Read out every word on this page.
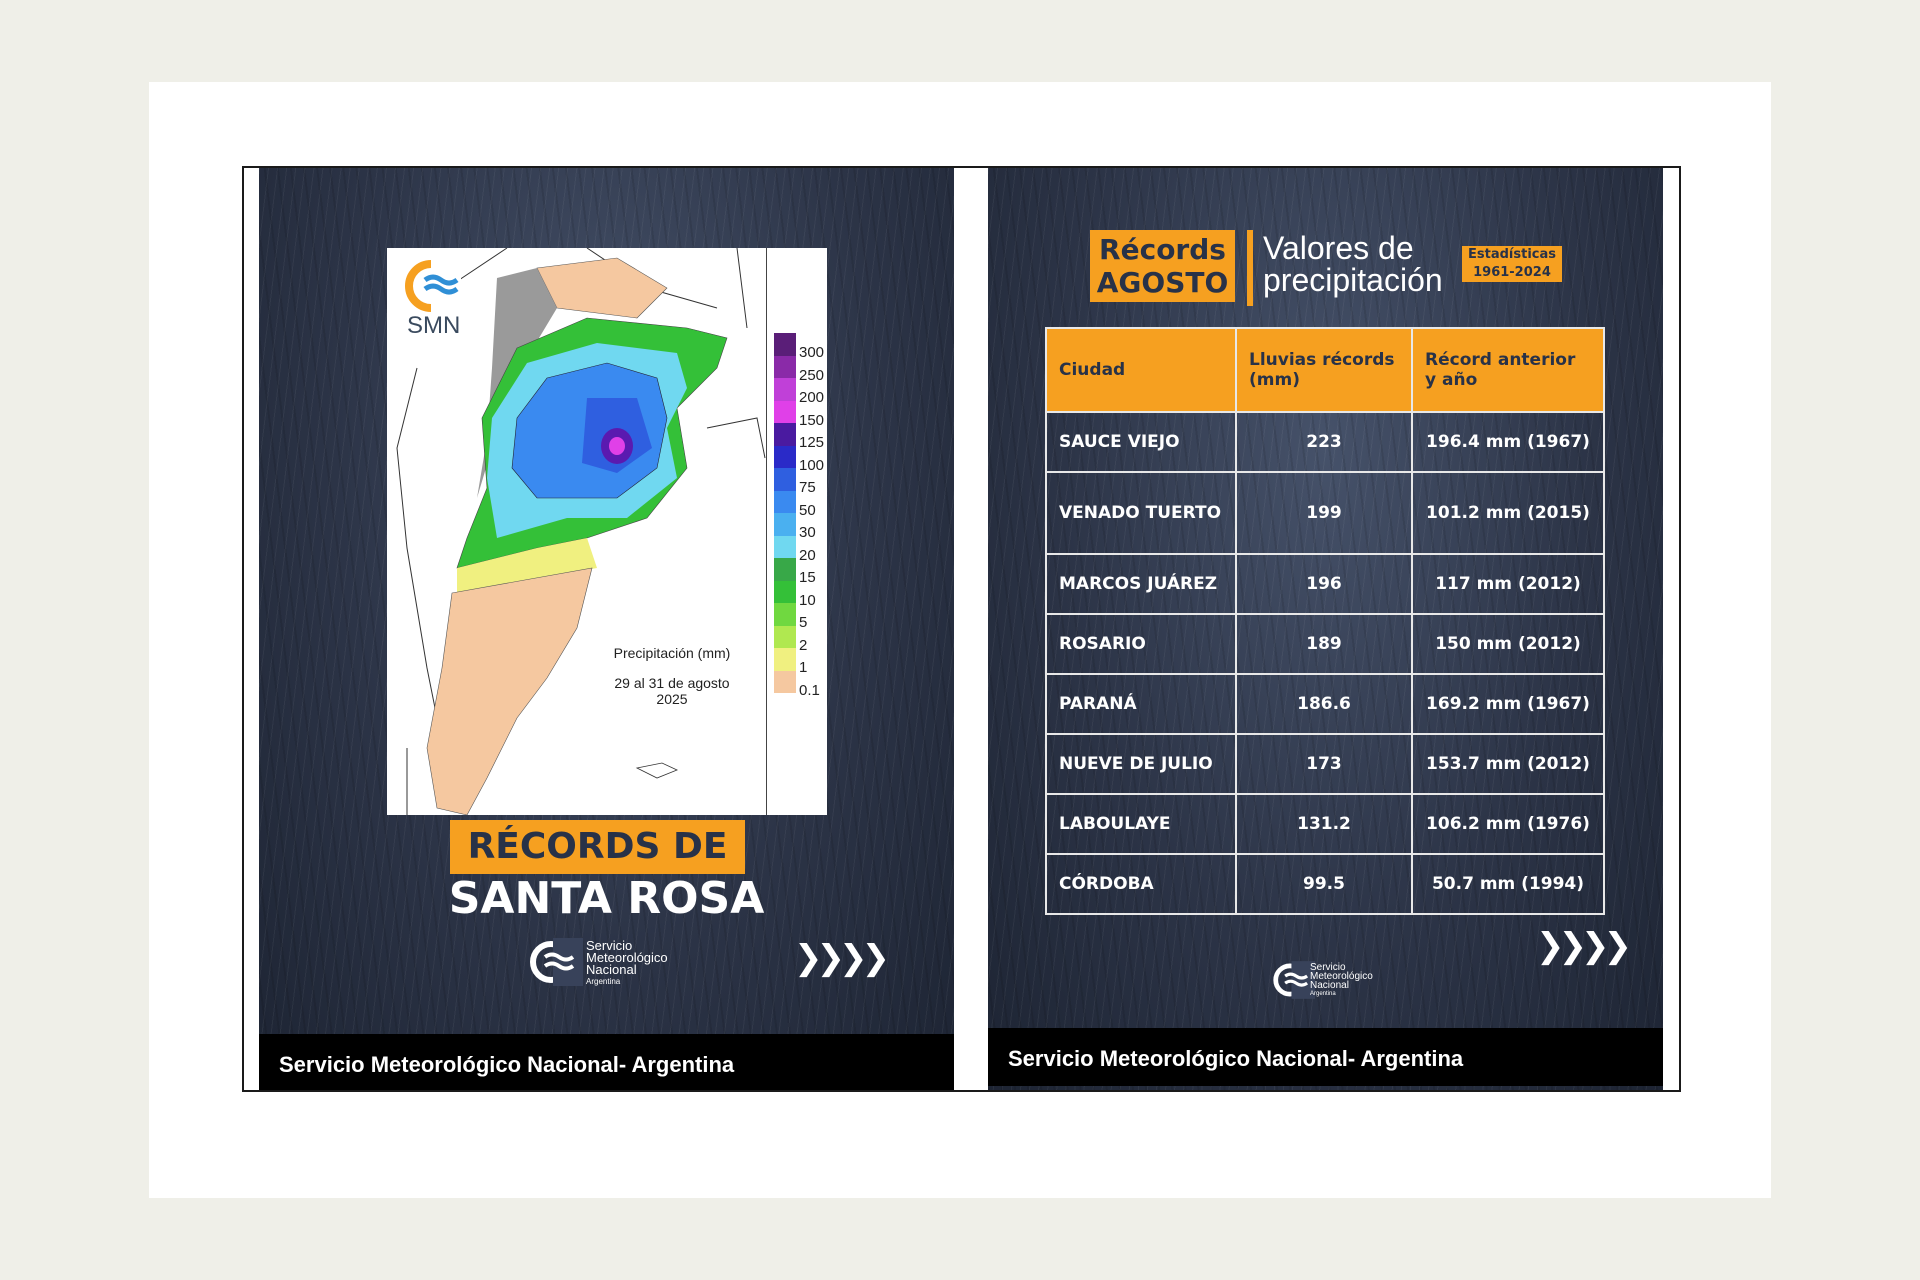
SMN
300
250
200
150
125
100
75
50
30
20
15
10
5
2
1
0.1
Precipitación (mm)
29 al 31 de agosto
2025
RÉCORDS DE
SANTA ROSA
Servicio
Meteorológico
Nacional
Argentina
❯❯❯❯
Servicio Meteorológico Nacional- Argentina
Récords
AGOSTO
Valores de
precipitación
Estadísticas
1961-2024
Ciudad	Lluvias récords (mm)	Récord anterior y año
SAUCE VIEJO	223	196.4 mm (1967)
VENADO TUERTO	199	101.2 mm (2015)
MARCOS JUÁREZ	196	117 mm (2012)
ROSARIO	189	150 mm (2012)
PARANÁ	186.6	169.2 mm (1967)
NUEVE DE JULIO	173	153.7 mm (2012)
LABOULAYE	131.2	106.2 mm (1976)
CÓRDOBA	99.5	50.7 mm (1994)
Servicio
Meteorológico
Nacional
Argentina
❯❯❯❯
Servicio Meteorológico Nacional- Argentina
